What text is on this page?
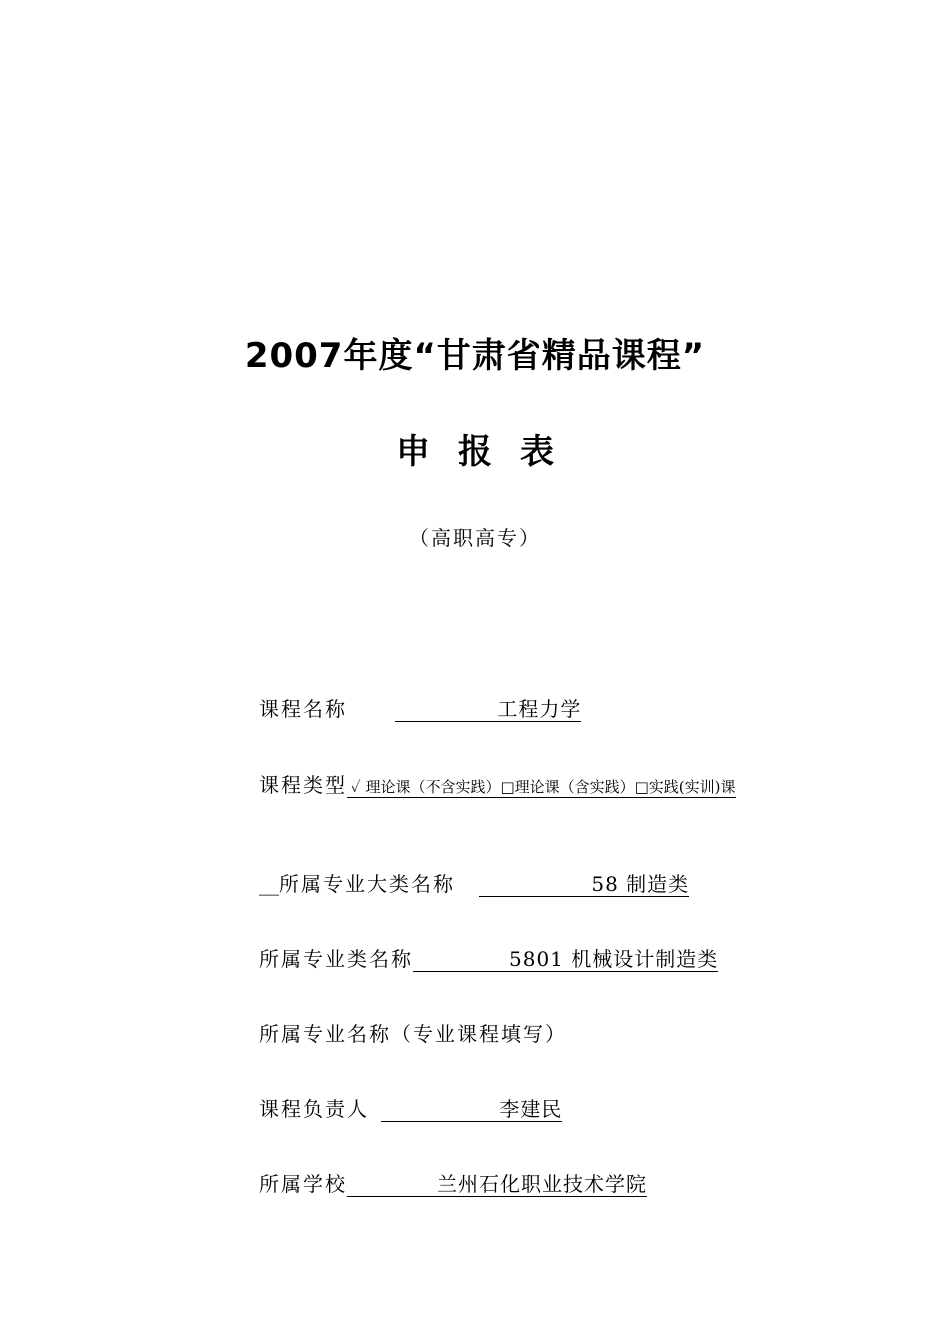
2007年度“甘肃省精品课程”
申 报 表
（高职高专）
课程名称	工程力学
课程类型 ✓ 理论课（不含实践）□理论课（含实践）□实践(实训)课
__所属专业大类名称	58 制造类
所属专业类名称	5801 机械设计制造类
所属专业名称（专业课程填写）
课程负责人	李建民
所属学校	兰州石化职业技术学院
